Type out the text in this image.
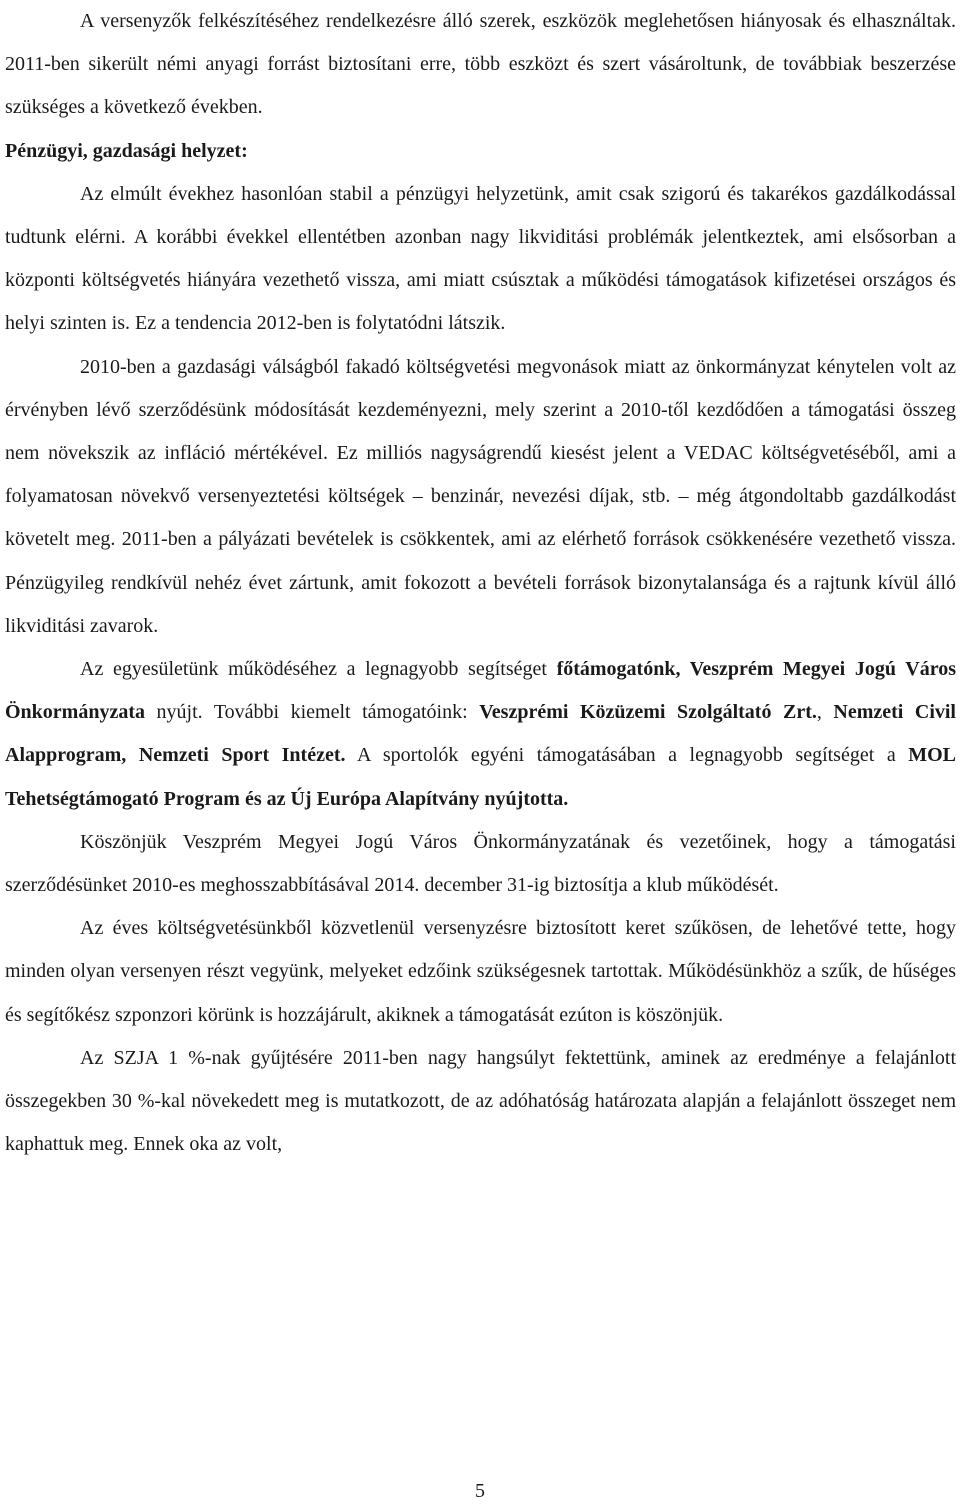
A versenyzők felkészítéséhez rendelkezésre álló szerek, eszközök meglehetősen hiányosak és elhasználtak. 2011-ben sikerült némi anyagi forrást biztosítani erre, több eszközt és szert vásároltunk, de továbbiak beszerzése szükséges a következő években.

Pénzügyi, gazdasági helyzet:

Az elmúlt évekhez hasonlóan stabil a pénzügyi helyzetünk, amit csak szigorú és takarékos gazdálkodással tudtunk elérni. A korábbi évekkel ellentétben azonban nagy likviditási problémák jelentkeztek, ami elsősorban a központi költségvetés hiányára vezethető vissza, ami miatt csúsztak a működési támogatások kifizetései országos és helyi szinten is. Ez a tendencia 2012-ben is folytatódni látszik.

2010-ben a gazdasági válságból fakadó költségvetési megvonások miatt az önkormányzat kénytelen volt az érvényben lévő szerződésünk módosítását kezdeményezni, mely szerint a 2010-től kezdődően a támogatási összeg nem növekszik az infláció mértékével. Ez milliós nagyságrendű kiesést jelent a VEDAC költségvetéséből, ami a folyamatosan növekvő versenyeztetési költségek – benzinár, nevezési díjak, stb. – még átgondoltabb gazdálkodást követelt meg. 2011-ben a pályázati bevételek is csökkentek, ami az elérhető források csökkenésére vezethető vissza. Pénzügyileg rendkívül nehéz évet zártunk, amit fokozott a bevételi források bizonytalansága és a rajtunk kívül álló likviditási zavarok.

Az egyesületünk működéséhez a legnagyobb segítséget főtámogatónk, Veszprém Megyei Jogú Város Önkormányzata nyújt. További kiemelt támogatóink: Veszprémi Közüzemi Szolgáltató Zrt., Nemzeti Civil Alapprogram, Nemzeti Sport Intézet. A sportolók egyéni támogatásában a legnagyobb segítséget a MOL Tehetségtámogató Program és az Új Európa Alapítvány nyújtotta.

Köszönjük Veszprém Megyei Jogú Város Önkormányzatának és vezetőinek, hogy a támogatási szerződésünket 2010-es meghosszabbításával 2014. december 31-ig biztosítja a klub működését.

Az éves költségvetésünkből közvetlenül versenyzésre biztosított keret szűkösen, de lehetővé tette, hogy minden olyan versenyen részt vegyünk, melyeket edzőink szükségesnek tartottak. Működésünkhöz a szűk, de hűséges és segítőkész szponzori körünk is hozzájárult, akiknek a támogatását ezúton is köszönjük.

Az SZJA 1 %-nak gyűjtésére 2011-ben nagy hangsúlyt fektettünk, aminek az eredménye a felajánlott összegekben 30 %-kal növekedett meg is mutatkozott, de az adóhatóság határozata alapján a felajánlott összeget nem kaphattuk meg. Ennek oka az volt,

5
